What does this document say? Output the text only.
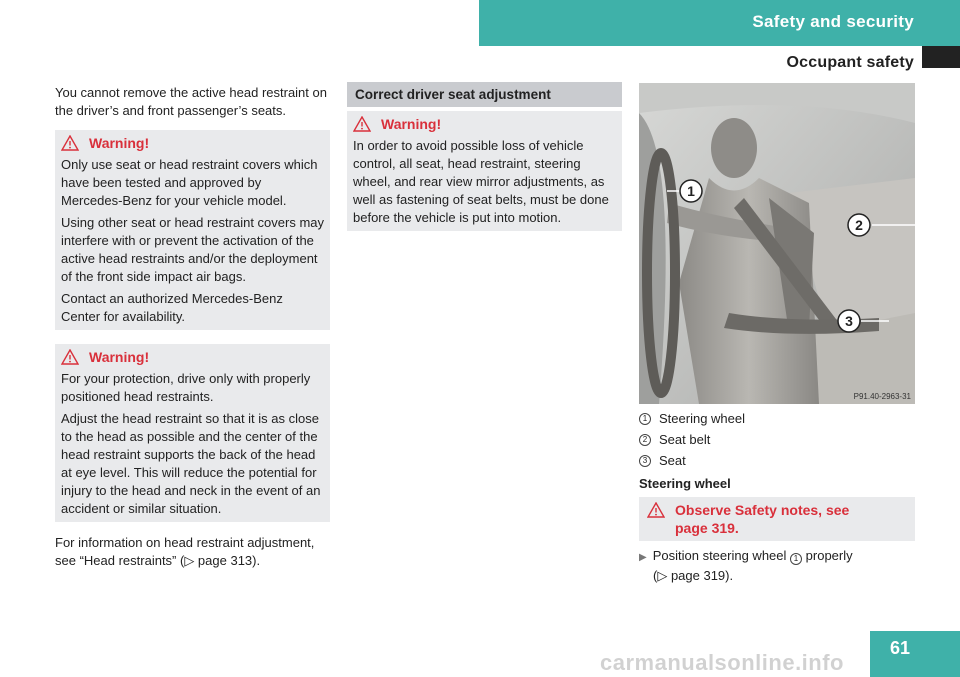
Safety and security
Occupant safety

You cannot remove the active head restraint on the driver’s and front passenger’s seats.

Warning!

Only use seat or head restraint covers which have been tested and approved by Mercedes-Benz for your vehicle model.

Using other seat or head restraint covers may interfere with or prevent the activation of the active head restraints and/or the deployment of the front side impact air bags.

Contact an authorized Mercedes-Benz Center for availability.

Warning!

For your protection, drive only with properly positioned head restraints.

Adjust the head restraint so that it is as close to the head as possible and the center of the head restraint supports the back of the head at eye level. This will reduce the potential for injury to the head and neck in the event of an accident or similar situation.

For information on head restraint adjustment, see “Head restraints” (▷ page 313).

Correct driver seat adjustment
Warning!

In order to avoid possible loss of vehicle control, all seat, head restraint, steering wheel, and rear view mirror adjustments, as well as fastening of seat belts, must be done before the vehicle is put into motion.

1
2
3
P91.40-2963-31
1 Steering wheel
2 Seat belt
3 Seat
Steering wheel
Observe Safety notes, see
page 319.
▶ Position steering wheel 1 properly
(▷ page 319).
carmanualsonline.info
61
